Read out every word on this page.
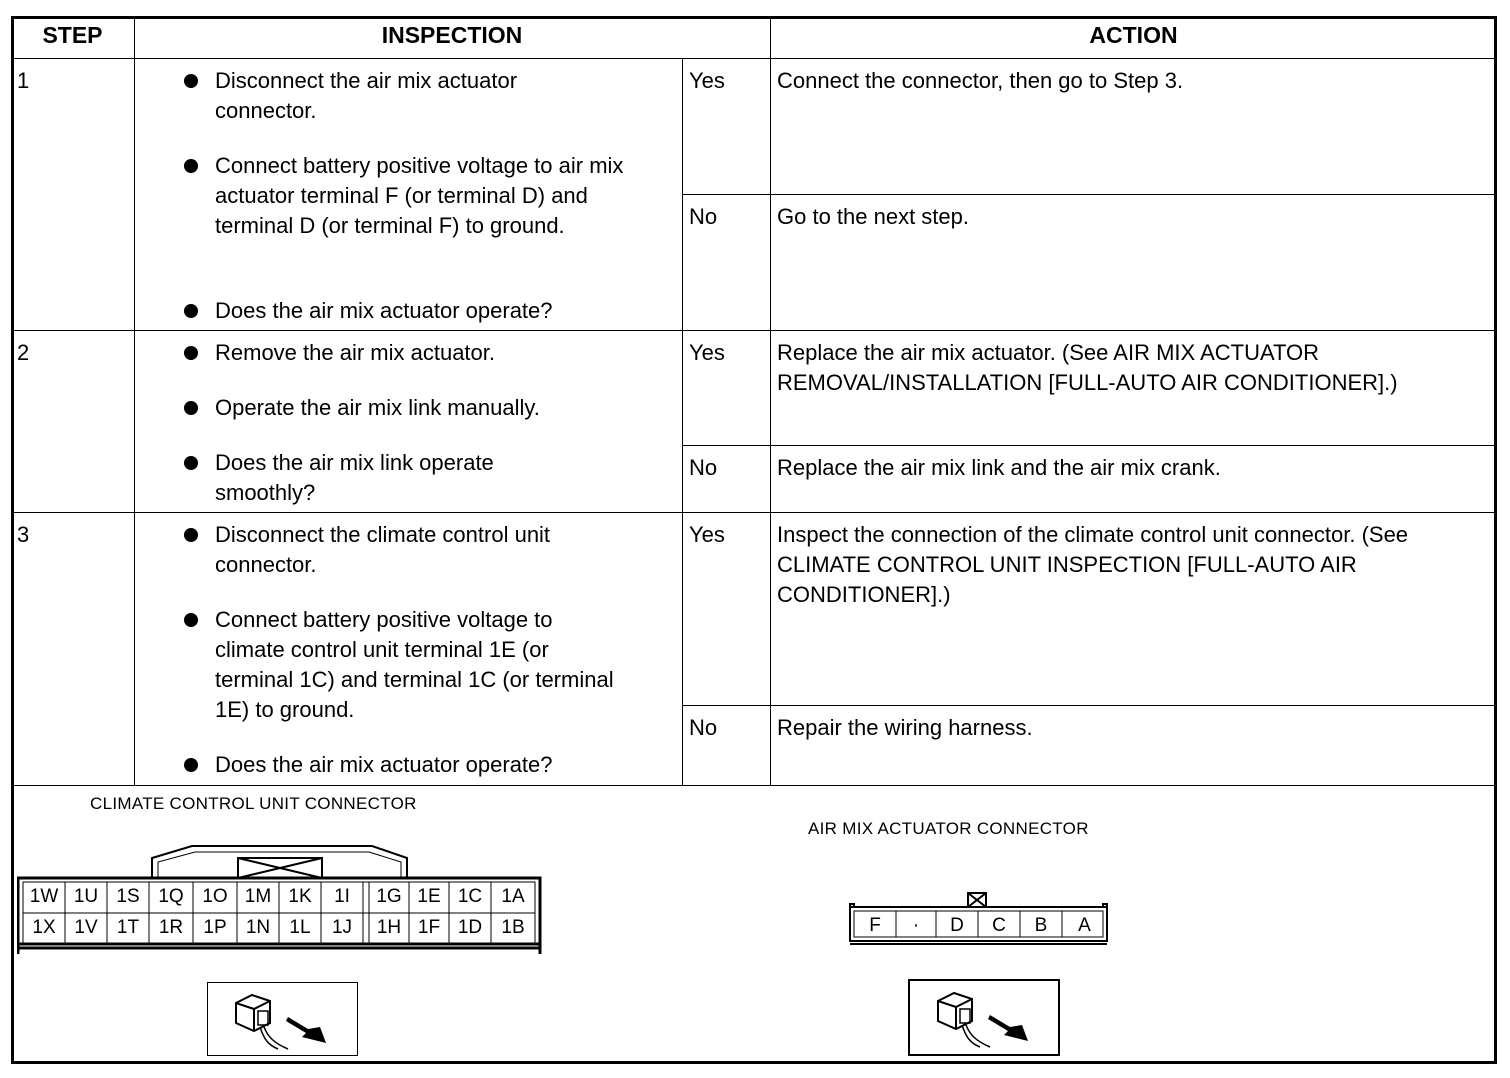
STEP	INSPECTION	ACTION
1	Disconnect the air mix actuator connector.
Connect battery positive voltage to air mix actuator terminal F (or terminal D) and terminal D (or terminal F) to ground.
Does the air mix actuator operate?
Yes Connect the connector, then go to Step 3.
No	Go to the next step.
2	Remove the air mix actuator.
Operate the air mix link manually.
Does the air mix link operate smoothly?
Yes Replace the air mix actuator. (See AIR MIX ACTUATOR REMOVAL/INSTALLATION [FULL-AUTO AIR CONDITIONER].)
No	Replace the air mix link and the air mix crank.
3	Disconnect the climate control unit connector.
Connect battery positive voltage to climate control unit terminal 1E (or terminal 1C) and terminal 1C (or terminal 1E) to ground.
Does the air mix actuator operate?
Yes Inspect the connection of the climate control unit connector. (See CLIMATE CONTROL UNIT INSPECTION [FULL-AUTO AIR CONDITIONER].)
No	Repair the wiring harness.
CLIMATE CONTROL UNIT CONNECTOR
1W 1U 1S 1Q 1O 1M 1K	1I	1G 1E 1C	1A
1X 1V	1T	1R	1P	1N	1L	1J	1H 1F 1D	1B
AIR MIX ACTUATOR CONNECTOR
F	·	D	C	B	A
